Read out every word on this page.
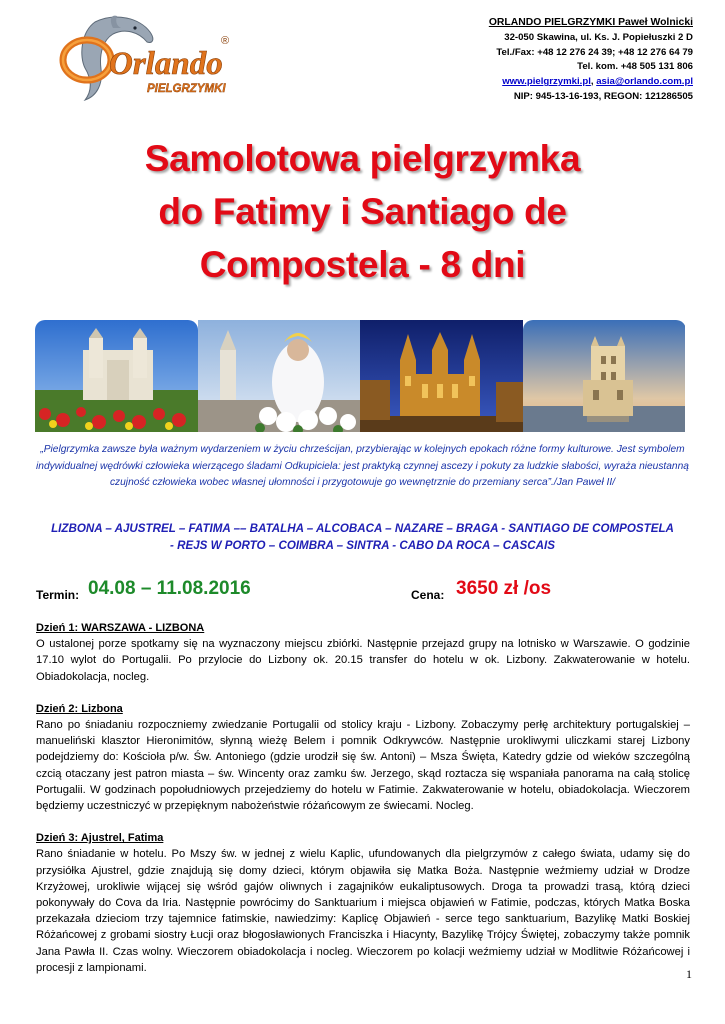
Orlando
®
PIELGRZYMKI
ORLANDO PIELGRZYMKI Paweł Wolnicki
32-050 Skawina, ul. Ks. J. Popiełuszki 2 D
Tel./Fax: +48 12 276 24 39; +48 12 276 64 79
Tel. kom. +48 505 131 806
www.pielgrzymki.pl, asia@orlando.com.pl
NIP: 945-13-16-193, REGON: 121286505
Samolotowa pielgrzymka
do Fatimy i Santiago de
Compostela - 8 dni
„Pielgrzymka zawsze była ważnym wydarzeniem w życiu chrześcijan, przybierając w kolejnych epokach różne formy kulturowe. Jest symbolem indywidualnej wędrówki człowieka wierzącego śladami Odkupiciela: jest praktyką czynnej ascezy i pokuty za ludzkie słabości, wyraża nieustanną czujność człowieka wobec własnej ułomności i przygotowuje go wewnętrznie do przemiany serca”./Jan Paweł II/
LIZBONA – AJUSTREL – FATIMA –– BATALHA – ALCOBACA – NAZARE – BRAGA - SANTIAGO DE COMPOSTELA
- REJS W PORTO – COIMBRA – SINTRA - CABO DA ROCA – CASCAIS
Termin: 04.08 – 11.08.2016	Cena: 3650 zł /os
Dzień 1: WARSZAWA - LIZBONA
O ustalonej porze spotkamy się na wyznaczony miejscu zbiórki. Następnie przejazd grupy na lotnisko w Warszawie. O godzinie 17.10 wylot do Portugalii. Po przylocie do Lizbony ok. 20.15 transfer do hotelu w ok. Lizbony. Zakwaterowanie w hotelu. Obiadokolacja, nocleg.
Dzień 2: Lizbona
Rano po śniadaniu rozpoczniemy zwiedzanie Portugalii od stolicy kraju - Lizbony. Zobaczymy perłę architektury portugalskiej – manueliński klasztor Hieronimitów, słynną wieżę Belem i pomnik Odkrywców. Następnie urokliwymi uliczkami starej Lizbony podejdziemy do: Kościoła p/w. Św. Antoniego (gdzie urodził się św. Antoni) – Msza Święta, Katedry gdzie od wieków szczególną czcią otaczany jest patron miasta – św. Wincenty oraz zamku św. Jerzego, skąd roztacza się wspaniała panorama na całą stolicę Portugalii. W godzinach popołudniowych przejedziemy do hotelu w Fatimie. Zakwaterowanie w hotelu, obiadokolacja. Wieczorem będziemy uczestniczyć w przepięknym nabożeństwie różańcowym ze świecami. Nocleg.
Dzień 3: Ajustrel, Fatima
Rano śniadanie w hotelu. Po Mszy św. w jednej z wielu Kaplic, ufundowanych dla pielgrzymów z całego świata, udamy się do przysiółka Ajustrel, gdzie znajdują się domy dzieci, którym objawiła się Matka Boża. Następnie weźmiemy udział w Drodze Krzyżowej, urokliwie wijącej się wśród gajów oliwnych i zagajników eukaliptusowych. Droga ta prowadzi trasą, którą dzieci pokonywały do Cova da Iria. Następnie powrócimy do Sanktuarium i miejsca objawień w Fatimie, podczas, których Matka Boska przekazała dzieciom trzy tajemnice fatimskie, nawiedzimy: Kaplicę Objawień - serce tego sanktuarium, Bazylikę Matki Boskiej Różańcowej z grobami siostry Łucji oraz błogosławionych Franciszka i Hiacynty, Bazylikę Trójcy Świętej, zobaczymy także pomnik Jana Pawła II. Czas wolny. Wieczorem obiadokolacja i nocleg. Wieczorem po kolacji weźmiemy udział w Modlitwie Różańcowej i procesji z lampionami.	1
